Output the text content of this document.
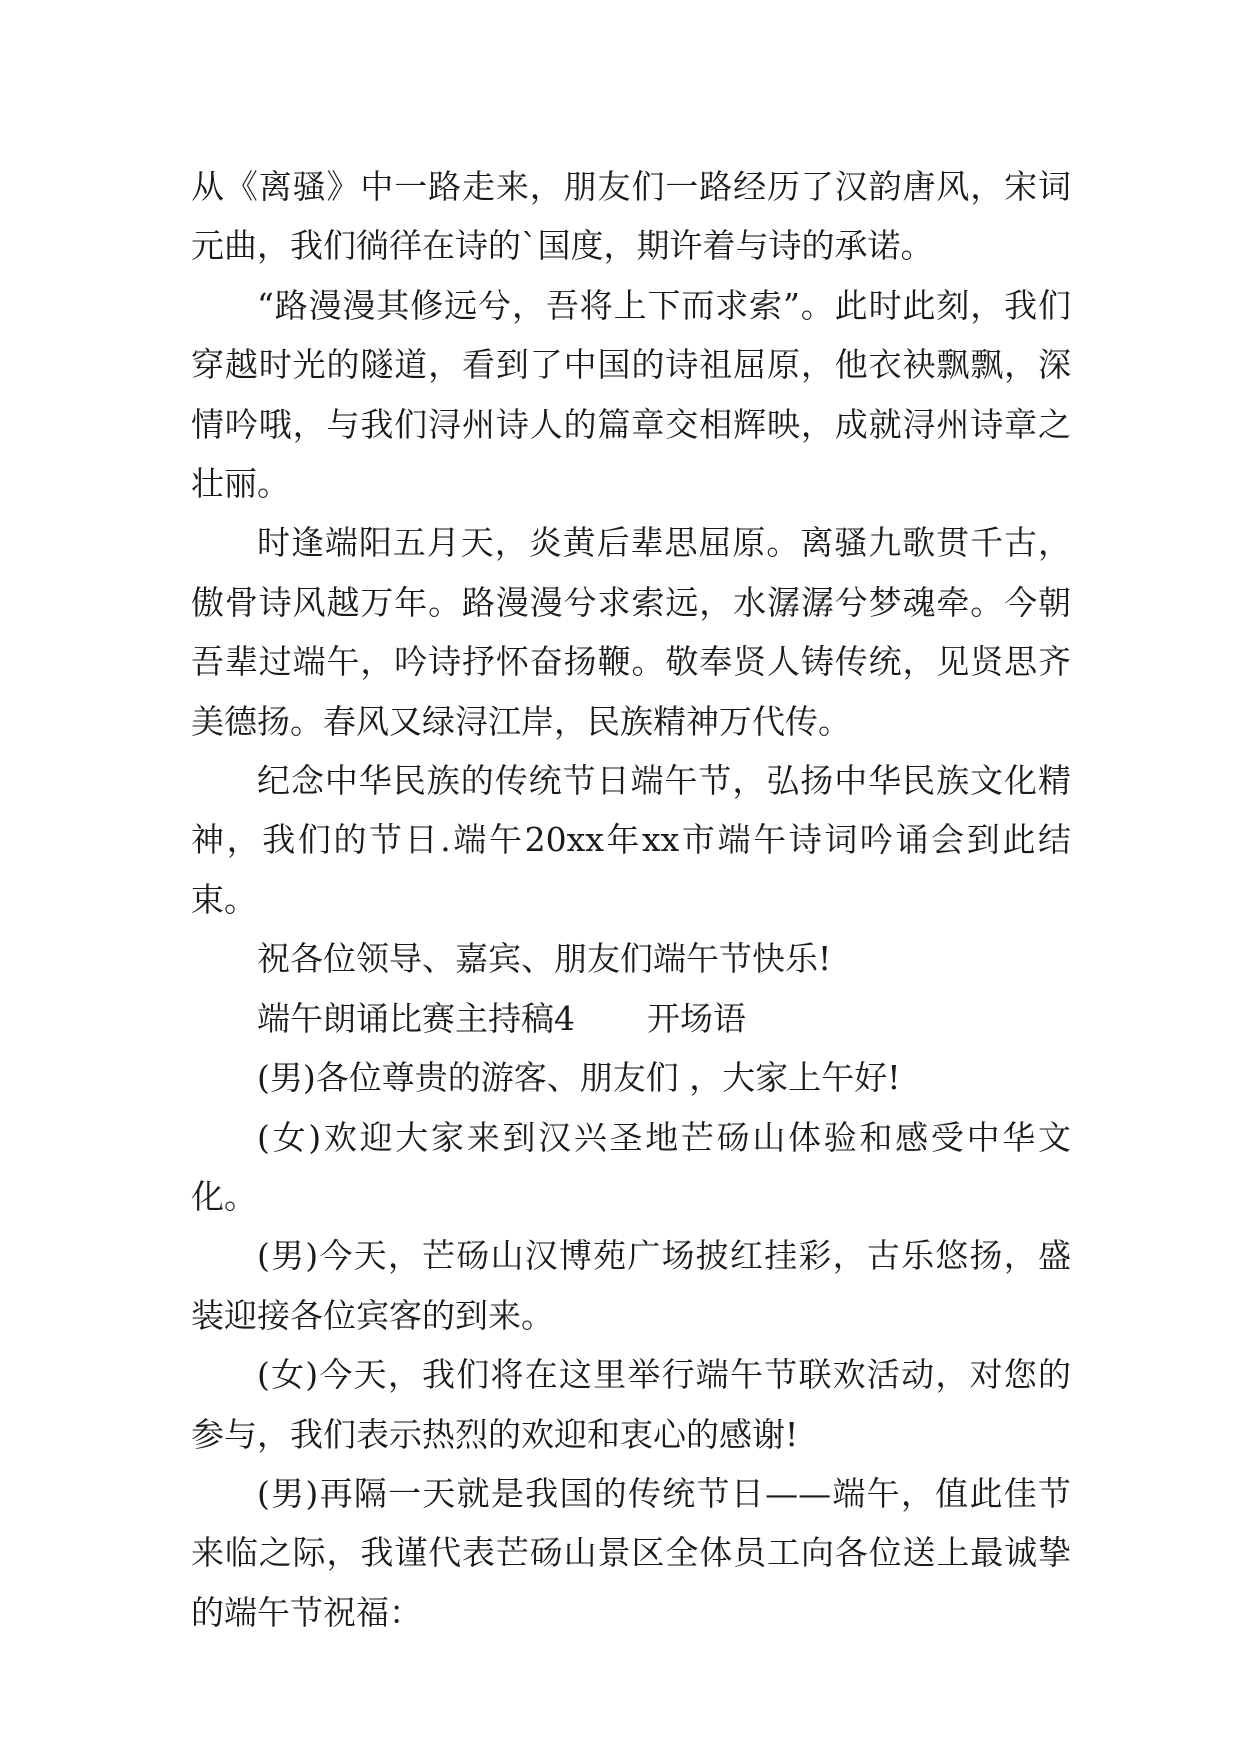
从《离骚》中一路走来，朋友们一路经历了汉韵唐风，宋词元曲，我们徜徉在诗的`国度，期许着与诗的承诺。

“路漫漫其修远兮，吾将上下而求索”。此时此刻，我们穿越时光的隧道，看到了中国的诗祖屈原，他衣袂飘飘，深情吟哦，与我们浔州诗人的篇章交相辉映，成就浔州诗章之壮丽。

时逢端阳五月天，炎黄后辈思屈原。离骚九歌贯千古，傲骨诗风越万年。路漫漫兮求索远，水潺潺兮梦魂牵。今朝吾辈过端午，吟诗抒怀奋扬鞭。敬奉贤人铸传统，见贤思齐美德扬。春风又绿浔江岸，民族精神万代传。

纪念中华民族的传统节日端午节，弘扬中华民族文化精神，我们的节日.端午20xx年xx市端午诗词吟诵会到此结束。

祝各位领导、嘉宾、朋友们端午节快乐!

端午朗诵比赛主持稿4 开场语

(男)各位尊贵的游客、朋友们 ，大家上午好!

(女)欢迎大家来到汉兴圣地芒砀山体验和感受中华文化。

(男)今天，芒砀山汉博苑广场披红挂彩，古乐悠扬，盛装迎接各位宾客的到来。

(女)今天，我们将在这里举行端午节联欢活动，对您的参与，我们表示热烈的欢迎和衷心的感谢!

(男)再隔一天就是我国的传统节日——端午，值此佳节来临之际，我谨代表芒砀山景区全体员工向各位送上最诚挚的端午节祝福：
